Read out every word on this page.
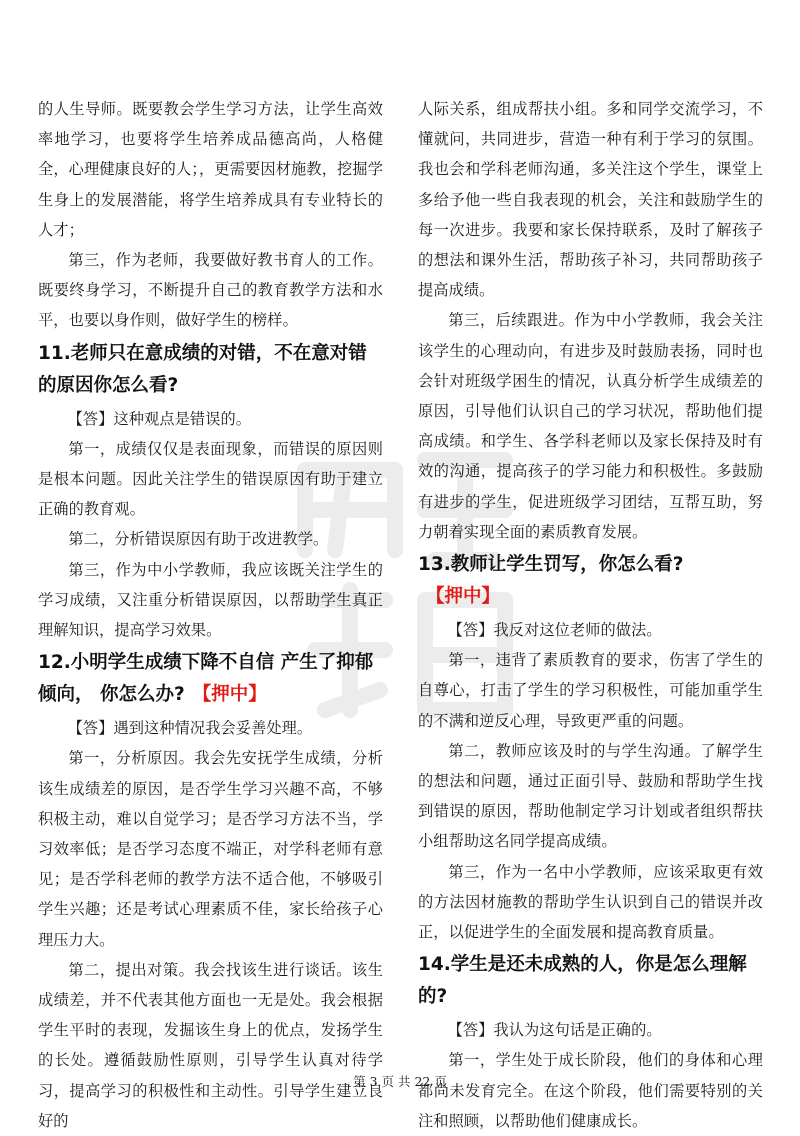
的人生导师。既要教会学生学习方法，让学生高效率地学习，也要将学生培养成品德高尚，人格健全，心理健康良好的人；，更需要因材施教，挖掘学生身上的发展潜能，将学生培养成具有专业特长的人才；

第三，作为老师，我要做好教书育人的工作。既要终身学习，不断提升自己的教育教学方法和水平，也要以身作则，做好学生的榜样。

11.老师只在意成绩的对错，不在意对错的原因你怎么看?

【答】这种观点是错误的。

第一，成绩仅仅是表面现象，而错误的原因则是根本问题。因此关注学生的错误原因有助于建立正确的教育观。

第二，分析错误原因有助于改进教学。

第三，作为中小学教师，我应该既关注学生的学习成绩，又注重分析错误原因，以帮助学生真正理解知识，提高学习效果。

12.小明学生成绩下降不自信 产生了抑郁倾向， 你怎么办? 【押中】

【答】遇到这种情况我会妥善处理。

第一，分析原因。我会先安抚学生成绩，分析该生成绩差的原因，是否学生学习兴趣不高，不够积极主动，难以自觉学习；是否学习方法不当，学习效率低；是否学习态度不端正，对学科老师有意见；是否学科老师的教学方法不适合他，不够吸引学生兴趣；还是考试心理素质不佳，家长给孩子心理压力大。

第二，提出对策。我会找该生进行谈话。该生成绩差，并不代表其他方面也一无是处。我会根据学生平时的表现，发掘该生身上的优点，发扬学生的长处。遵循鼓励性原则，引导学生认真对待学习，提高学习的积极性和主动性。引导学生建立良好的

人际关系，组成帮扶小组。多和同学交流学习，不懂就问，共同进步，营造一种有利于学习的氛围。我也会和学科老师沟通，多关注这个学生，课堂上多给予他一些自我表现的机会，关注和鼓励学生的每一次进步。我要和家长保持联系，及时了解孩子的想法和课外生活，帮助孩子补习，共同帮助孩子提高成绩。

第三，后续跟进。作为中小学教师，我会关注该学生的心理动向，有进步及时鼓励表扬，同时也会针对班级学困生的情况，认真分析学生成绩差的原因，引导他们认识自己的学习状况，帮助他们提高成绩。和学生、各学科老师以及家长保持及时有效的沟通，提高孩子的学习能力和积极性。多鼓励有进步的学生，促进班级学习团结，互帮互助，努力朝着实现全面的素质教育发展。

13.教师让学生罚写，你怎么看?【押中】

【答】我反对这位老师的做法。

第一，违背了素质教育的要求，伤害了学生的自尊心，打击了学生的学习积极性，可能加重学生的不满和逆反心理，导致更严重的问题。

第二，教师应该及时的与学生沟通。了解学生的想法和问题，通过正面引导、鼓励和帮助学生找到错误的原因，帮助他制定学习计划或者组织帮扶小组帮助这名同学提高成绩。

第三，作为一名中小学教师，应该采取更有效的方法因材施教的帮助学生认识到自己的错误并改正，以促进学生的全面发展和提高教育质量。

14.学生是还未成熟的人，你是怎么理解的?

【答】我认为这句话是正确的。

第一，学生处于成长阶段，他们的身体和心理都尚未发育完全。在这个阶段，他们需要特别的关注和照顾，以帮助他们健康成长。

第 3 页 共 22 页
